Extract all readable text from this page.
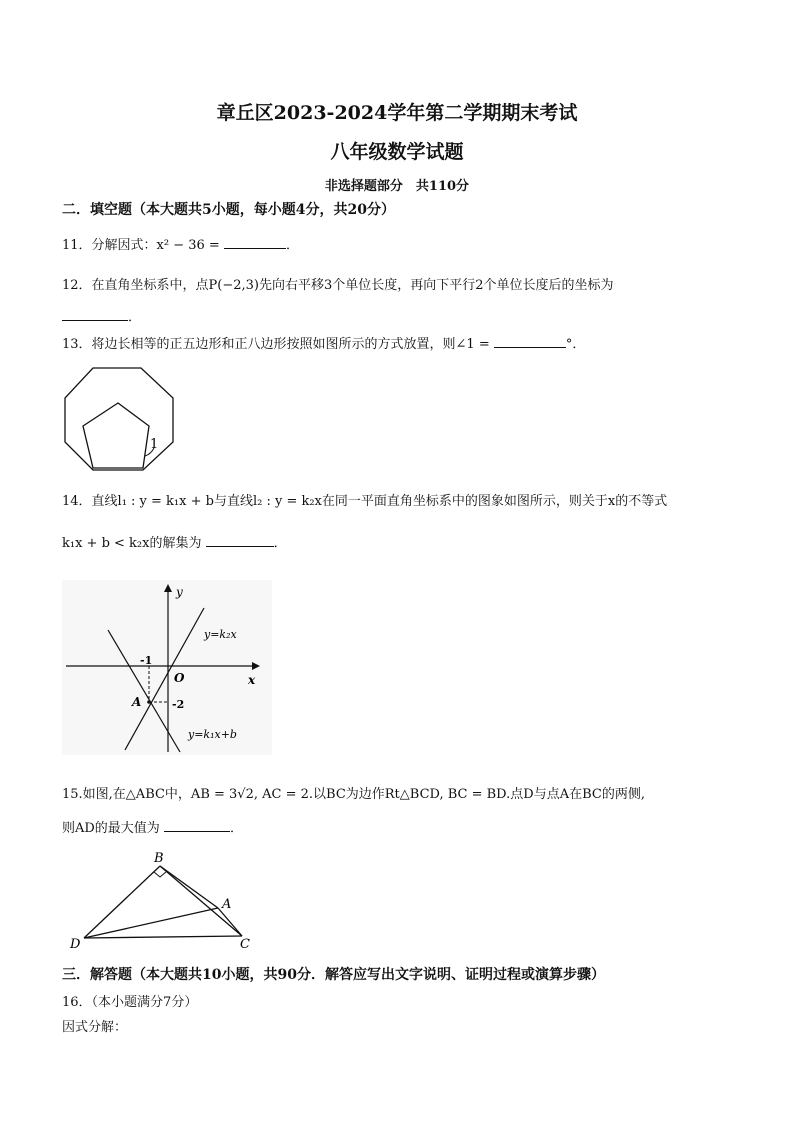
章丘区2023-2024学年第二学期期末考试
八年级数学试题
非选择题部分　共110分
二．填空题（本大题共5小题，每小题4分，共20分）
11．分解因式：x² − 36 =	．
12．在直角坐标系中，点P(−2,3)先向右平移3个单位长度，再向下平行2个单位长度后的坐标为
．
13．将边长相等的正五边形和正八边形按照如图所示的方式放置，则∠1 =	°．
1
14．直线l₁ : y = k₁x + b与直线l₂ : y = k₂x在同一平面直角坐标系中的图象如图所示，则关于x的不等式
k₁x + b < k₂x的解集为	．
y
x
O
-1
-2
A
y=k₂x
y=k₁x+b
15.如图,在△ABC中，AB = 3√2, AC = 2.以BC为边作Rt△BCD, BC = BD.点D与点A在BC的两侧,
则AD的最大值为	．
B
A
D	C
三．解答题（本大题共10小题，共90分．解答应写出文字说明、证明过程或演算步骤）
16．（本小题满分7分）
因式分解：
